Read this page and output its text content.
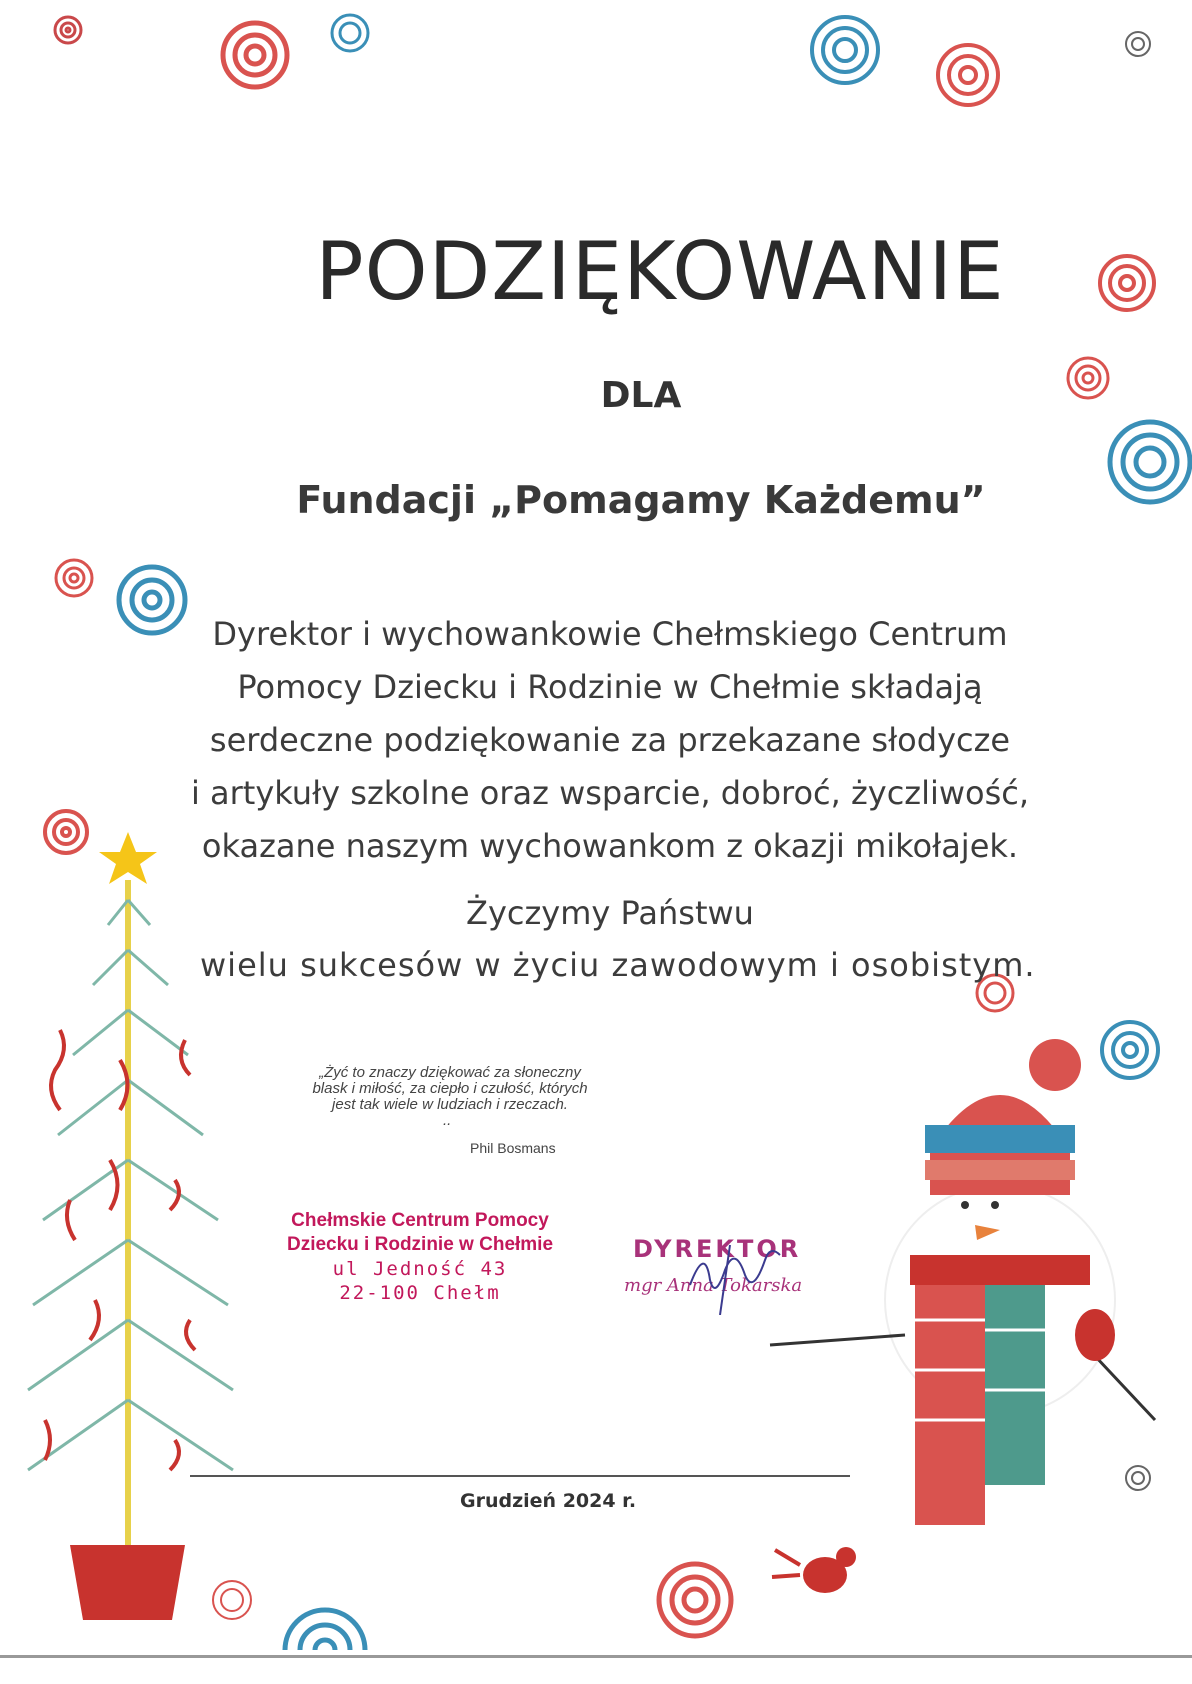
PODZIĘKOWANIE
DLA
Fundacji „Pomagamy Każdemu”
Dyrektor i wychowankowie Chełmskiego Centrum
Pomocy Dziecku i Rodzinie w Chełmie składają
serdeczne podziękowanie za przekazane słodycze
i artykuły szkolne oraz wsparcie, dobroć, życzliwość,
okazane naszym wychowankom z okazji mikołajek.
Życzymy Państwu
wielu sukcesów w życiu zawodowym i osobistym.
„Żyć to znaczy dziękować za słoneczny
blask i miłość, za ciepło i czułość, których
jest tak wiele w ludziach i rzeczach.
..
Phil Bosmans
Chełmskie Centrum Pomocy
Dziecku i Rodzinie w Chełmie
ul Jedność 43
22-100 Chełm
DYREKTOR
mgr Anna Tokarska
Grudzień 2024 r.
